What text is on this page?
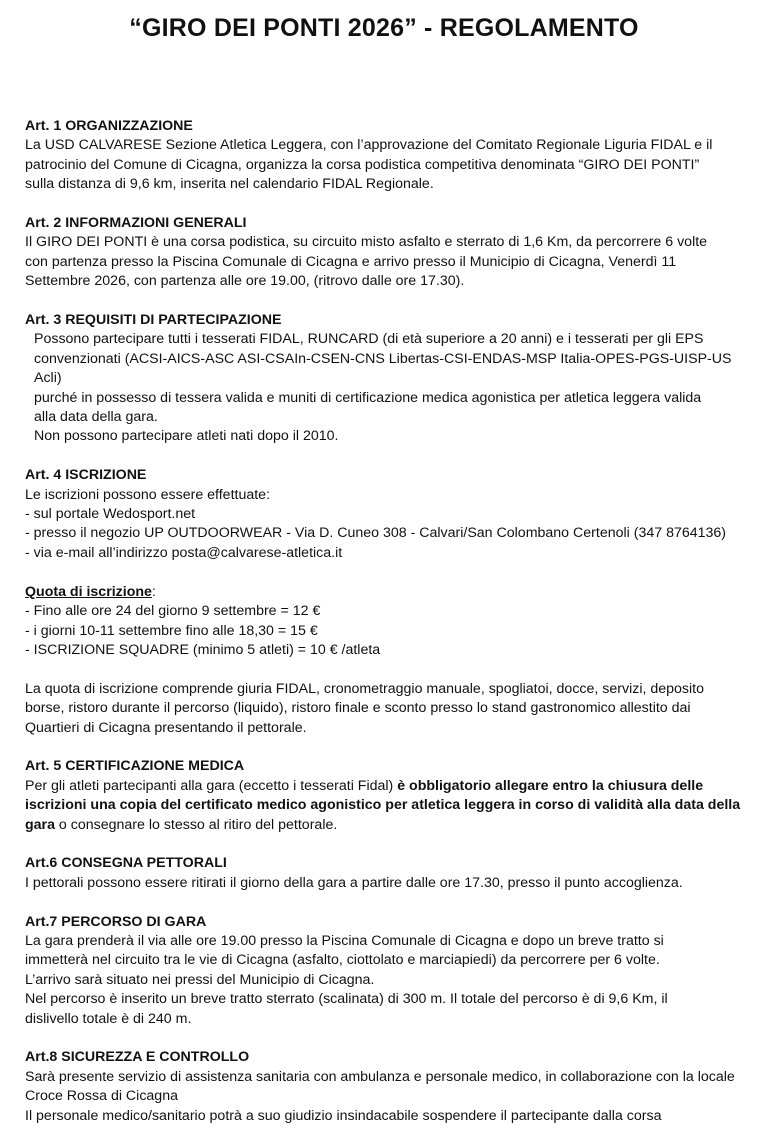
“GIRO DEI PONTI 2026” - REGOLAMENTO
Art. 1 ORGANIZZAZIONE
La USD CALVARESE Sezione Atletica Leggera, con l’approvazione del Comitato Regionale Liguria FIDAL e il
patrocinio del Comune di Cicagna, organizza la corsa podistica competitiva denominata “GIRO DEI PONTI”
sulla distanza di 9,6 km, inserita nel calendario FIDAL Regionale.
Art. 2 INFORMAZIONI GENERALI
Il GIRO DEI PONTI è una corsa podistica, su circuito misto asfalto e sterrato di 1,6 Km, da percorrere 6 volte
con partenza presso la Piscina Comunale di Cicagna e arrivo presso il Municipio di Cicagna, Venerdì 11
Settembre 2026, con partenza alle ore 19.00, (ritrovo dalle ore 17.30).
Art. 3 REQUISITI DI PARTECIPAZIONE
Possono partecipare tutti i tesserati FIDAL, RUNCARD (di età superiore a 20 anni) e i tesserati per gli EPS
convenzionati (ACSI-AICS-ASC ASI-CSAIn-CSEN-CNS Libertas-CSI-ENDAS-MSP Italia-OPES-PGS-UISP-US Acli)
purché in possesso di tessera valida e muniti di certificazione medica agonistica per atletica leggera valida
alla data della gara.
Non possono partecipare atleti nati dopo il 2010.
Art. 4 ISCRIZIONE
Le iscrizioni possono essere effettuate:
- sul portale Wedosport.net
- presso il negozio UP OUTDOORWEAR - Via D. Cuneo 308 - Calvari/San Colombano Certenoli (347 8764136)
- via e-mail all’indirizzo posta@calvarese-atletica.it
Quota di iscrizione:
- Fino alle ore 24 del giorno 9 settembre = 12 €
- i giorni 10-11 settembre fino alle 18,30 = 15 €
- ISCRIZIONE SQUADRE (minimo 5 atleti) = 10 € /atleta
La quota di iscrizione comprende giuria FIDAL, cronometraggio manuale, spogliatoi, docce, servizi, deposito
borse, ristoro durante il percorso (liquido), ristoro finale e sconto presso lo stand gastronomico allestito dai
Quartieri di Cicagna presentando il pettorale.
Art. 5 CERTIFICAZIONE MEDICA
Per gli atleti partecipanti alla gara (eccetto i tesserati Fidal) è obbligatorio allegare entro la chiusura delle
iscrizioni una copia del certificato medico agonistico per atletica leggera in corso di validità alla data della
gara o consegnare lo stesso al ritiro del pettorale.
Art.6 CONSEGNA PETTORALI
I pettorali possono essere ritirati il giorno della gara a partire dalle ore 17.30, presso il punto accoglienza.
Art.7 PERCORSO DI GARA
La gara prenderà il via alle ore 19.00 presso la Piscina Comunale di Cicagna e dopo un breve tratto si
immetterà nel circuito tra le vie di Cicagna (asfalto, ciottolato e marciapiedi) da percorrere per 6 volte.
L’arrivo sarà situato nei pressi del Municipio di Cicagna.
Nel percorso è inserito un breve tratto sterrato (scalinata) di 300 m. Il totale del percorso è di 9,6 Km, il
dislivello totale è di 240 m.
Art.8 SICUREZZA E CONTROLLO
Sarà presente servizio di assistenza sanitaria con ambulanza e personale medico, in collaborazione con la locale
Croce Rossa di Cicagna
Il personale medico/sanitario potrà a suo giudizio insindacabile sospendere il partecipante dalla corsa
